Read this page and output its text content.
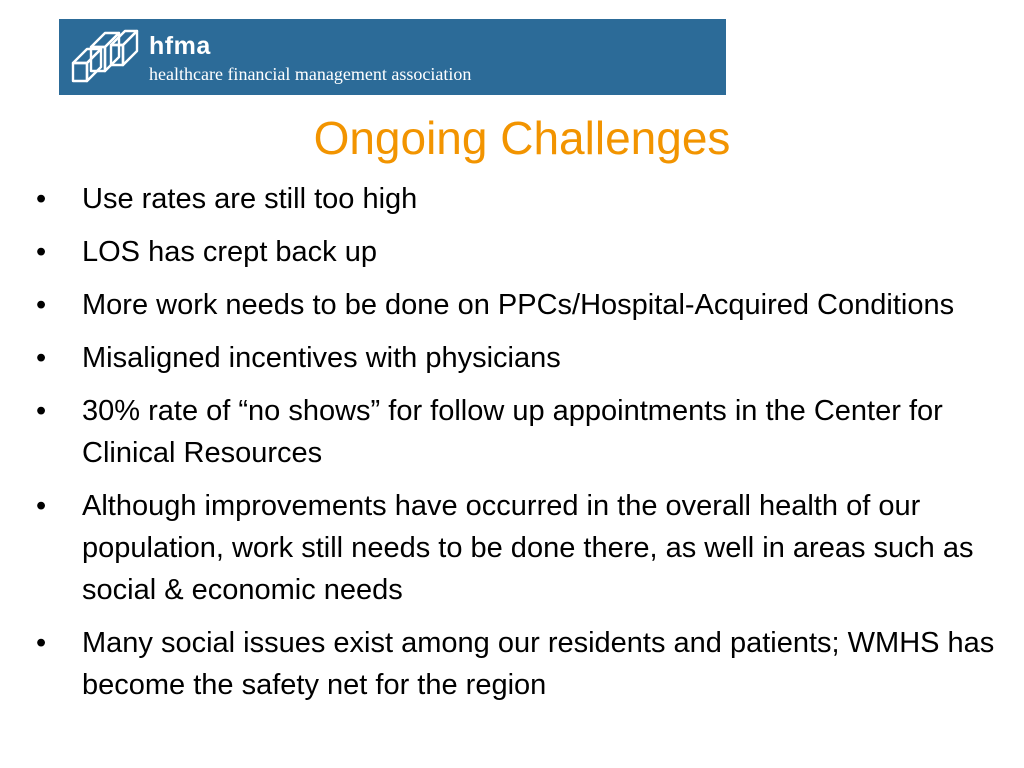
hfma
healthcare financial management association
Ongoing Challenges
• Use rates are still too high
• LOS has crept back up
• More work needs to be done on PPCs/Hospital-Acquired Conditions
• Misaligned incentives with physicians
• 30% rate of “no shows” for follow up appointments in the Center for Clinical Resources
• Although improvements have occurred in the overall health of our population, work still needs to be done there, as well in areas such as social & economic needs
• Many social issues exist among our residents and patients; WMHS has become the safety net for the region
